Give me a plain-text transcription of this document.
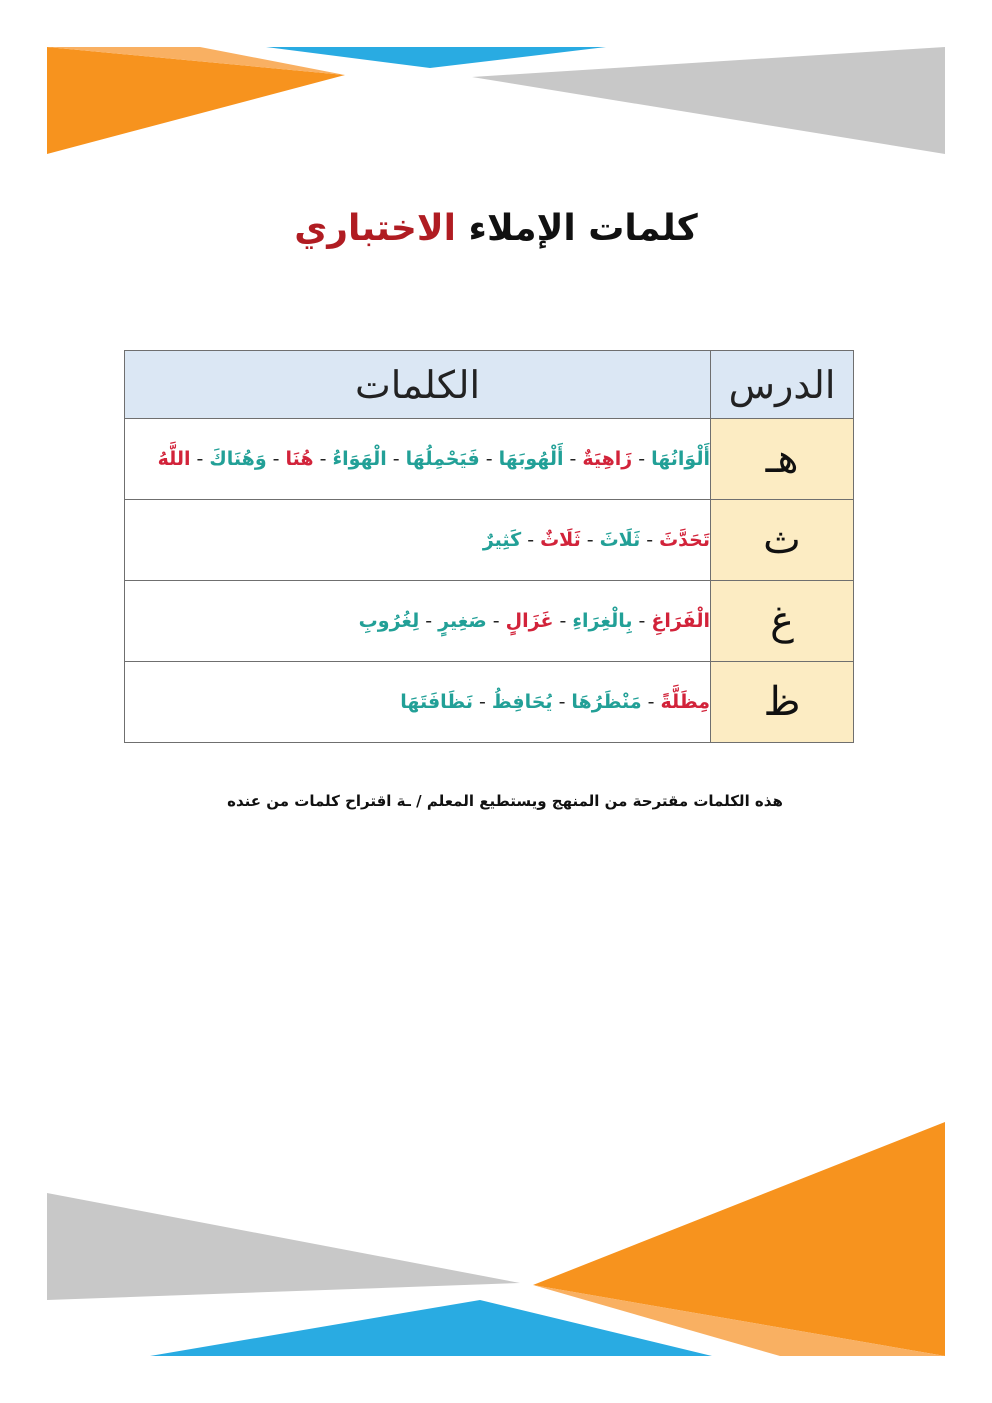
كلمات الإملاء الاختباري
الدرس	الكلمات
هـ	أَلْوَانُهَا-زَاهِيَةٌ-أَلْهُوبَهَا-فَيَحْمِلُهَا-الْهَوَاءُ-هُنَا-وَهُنَاكَ-اللَّهُ
ث	تَحَدَّثَ-ثَلَاثَ-ثَلَاثٌ-كَثِيرٌ
غ	الْفَرَاغِ-بِالْغِرَاءِ-غَزَالٍ-صَغِيرٍ-لِغُرُوبِ
ظ	مِظَلَّةً-مَنْظَرُهَا-يُحَافِظُ-نَظَافَتَهَا
هذه الكلمات مقترحة من المنهج ويستطيع المعلم / ـة اقتراح كلمات من عنده
